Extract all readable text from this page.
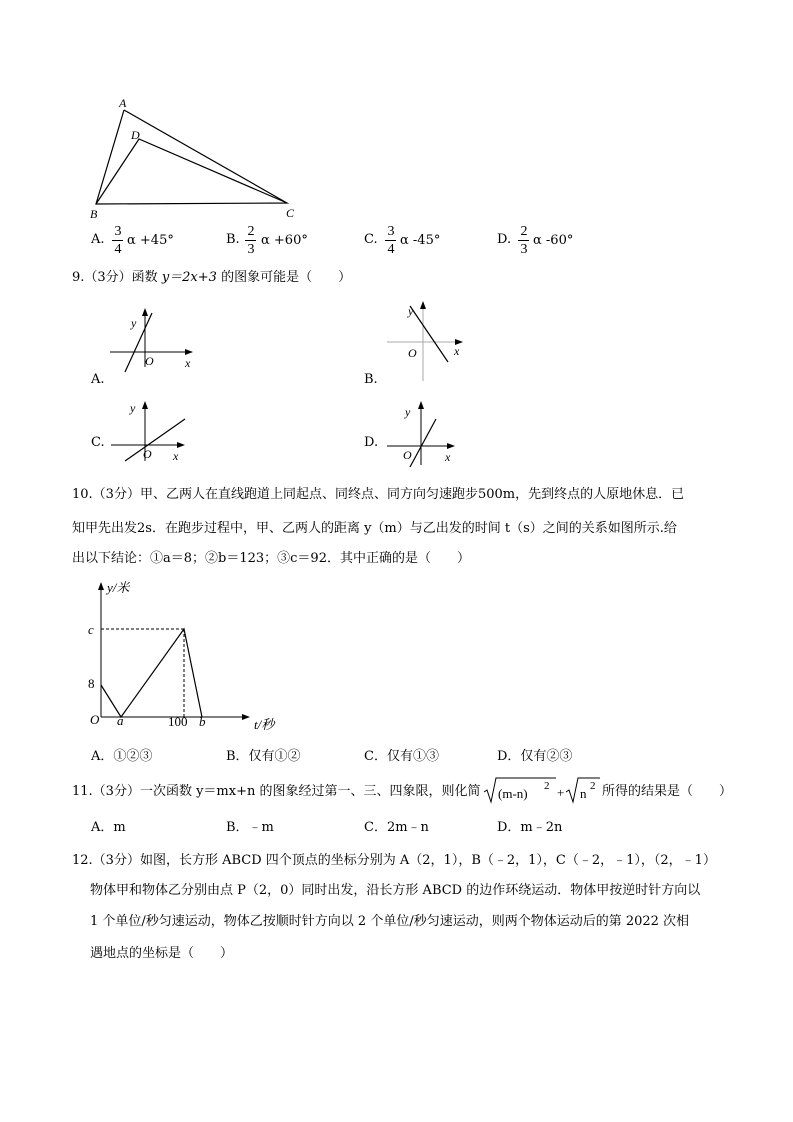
A
D
B	C
A.
3
4
α +45°	B.
2
3
α +60°	C.
3
4
α -45°	D.
2
3
α -60°
9.（3分）函数 y＝2x+3 的图象可能是（　　）
y
x
O
A.
y
x
O
B.
y
x
O
C.
y
x
O
D.
10.（3分）甲、乙两人在直线跑道上同起点、同终点、同方向匀速跑步500m，先到终点的人原地休息．已
知甲先出发2s．在跑步过程中，甲、乙两人的距离 y（m）与乙出发的时间 t（s）之间的关系如图所示.给
出以下结论：①a＝8；②b＝123；③c＝92．其中正确的是（　　）
y/米
t/秒
c
8
O a	100 b
A．①②③	B．仅有①②	C．仅有①③	D．仅有②③
11.（3分）一次函数 y＝mx+n 的图象经过第一、三、四象限，则化简 (m-n) 2 + n 2 所得的结果是（　　）
A．m	B．﹣m	C．2m﹣n	D．m﹣2n
12.（3分）如图，长方形 ABCD 四个顶点的坐标分别为 A（2，1），B（﹣2，1），C（﹣2，﹣1），（2，﹣1）
物体甲和物体乙分别由点 P（2，0）同时出发，沿长方形 ABCD 的边作环绕运动．物体甲按逆时针方向以
1 个单位/秒匀速运动，物体乙按顺时针方向以 2 个单位/秒匀速运动，则两个物体运动后的第 2022 次相
遇地点的坐标是（　　）
